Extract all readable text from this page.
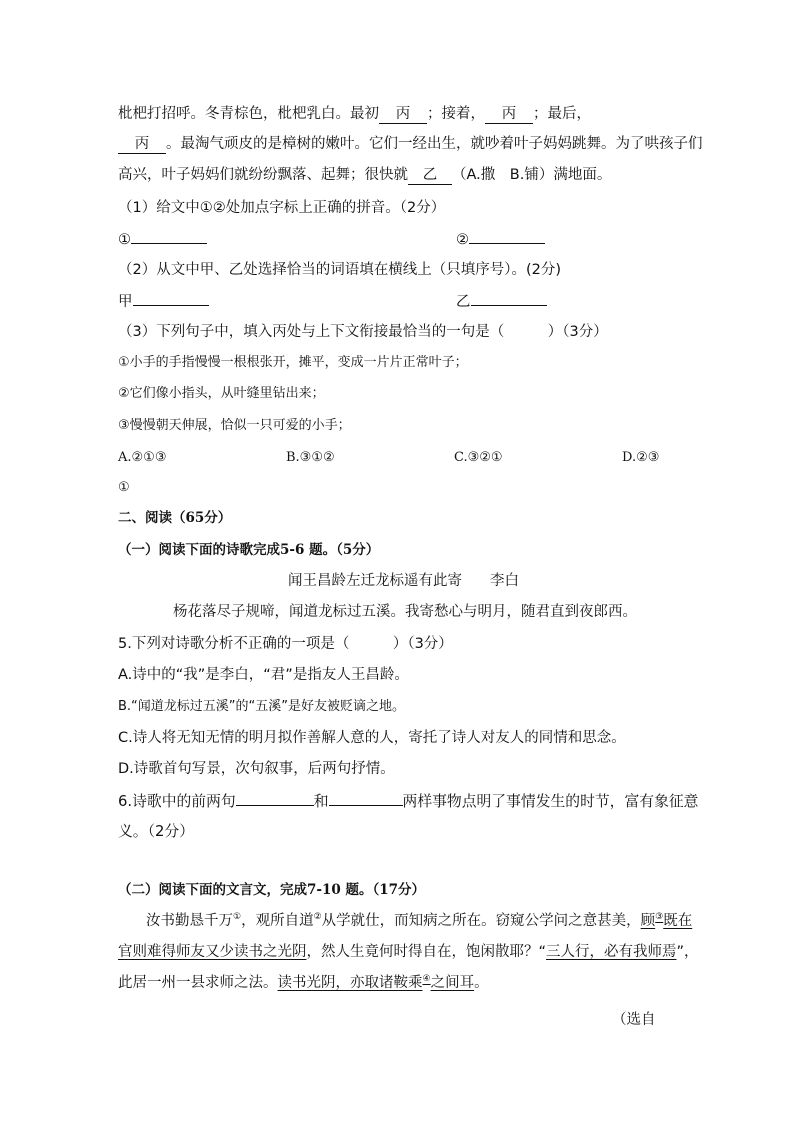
枇杷打招呼。冬青棕色，枇杷乳白。最初 丙 ；接着， 丙 ；最后，
丙 。最淘气顽皮的是樟树的嫩叶。它们一经出生，就吵着叶子妈妈跳舞。为了哄孩子们
高兴，叶子妈妈们就纷纷飘落、起舞；很快就 乙 （A.撒　B.铺）满地面。
（1）给文中①②处加点字标上正确的拼音。（2分）
①	②
（2）从文中甲、乙处选择恰当的词语填在横线上（只填序号）。(2分)
甲	乙
（3）下列句子中，填入丙处与上下文衔接最恰当的一句是（　　　）（3分）
①小手的手指慢慢一根根张开，摊平，变成一片片正常叶子；
②它们像小指头，从叶缝里钻出来；
③慢慢朝天伸展，恰似一只可爱的小手；
A.②①③	B.③①②	C.③②①	D.②③
①
二、阅读（65分）
（一）阅读下面的诗歌完成5-6 题。（5分）
闻王昌龄左迁龙标遥有此寄 李白
杨花落尽子规啼，闻道龙标过五溪。我寄愁心与明月，随君直到夜郎西。
5.下列对诗歌分析不正确的一项是（　　　）（3分）
A.诗中的“我”是李白，“君”是指友人王昌龄。
B.“闻道龙标过五溪”的“五溪”是好友被贬谪之地。
C.诗人将无知无情的明月拟作善解人意的人，寄托了诗人对友人的同情和思念。
D.诗歌首句写景，次句叙事，后两句抒情。
6.诗歌中的前两句	和	两样事物点明了事情发生的时节，富有象征意
义。（2分）
（二）阅读下面的文言文，完成7-10 题。（17分）
汝书勤恳千万①，观所自道②从学就仕，而知病之所在。窃窥公学问之意甚美，顾③既在
官则难得师友又少读书之光阴，然人生竟何时得自在，饱闲散耶？“三人行，必有我师焉”，
此居一州一县求师之法。读书光阴，亦取诸鞍乘④之间耳。
（选自
